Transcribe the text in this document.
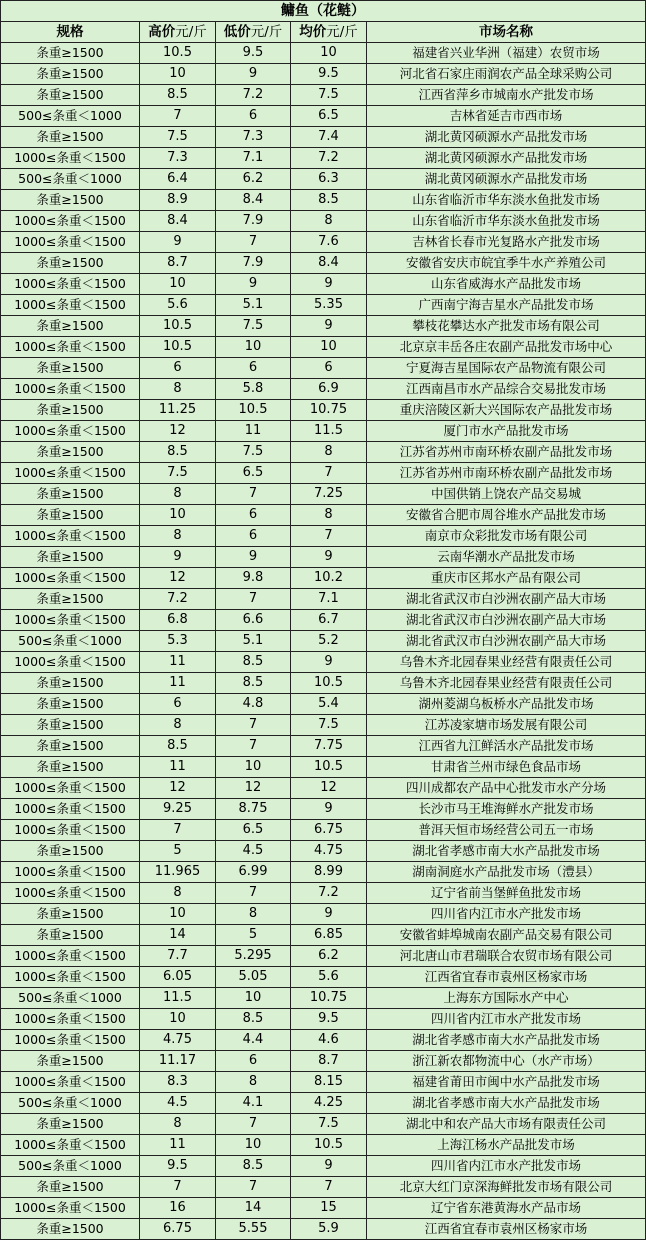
鳙鱼（花鲢）				
规格	高价元/斤	低价元/斤	均价元/斤	市场名称
条重≥1500	10.5	9.5	10	福建省兴业华洲（福建）农贸市场
条重≥1500	10	9	9.5	河北省石家庄雨润农产品全球采购公司
条重≥1500	8.5	7.2	7.5	江西省萍乡市城南水产批发市场
500≤条重＜1000	7	6	6.5	吉林省延吉市西市场
条重≥1500	7.5	7.3	7.4	湖北黄冈硕源水产品批发市场
1000≤条重＜1500	7.3	7.1	7.2	湖北黄冈硕源水产品批发市场
500≤条重＜1000	6.4	6.2	6.3	湖北黄冈硕源水产品批发市场
条重≥1500	8.9	8.4	8.5	山东省临沂市华东淡水鱼批发市场
1000≤条重＜1500	8.4	7.9	8	山东省临沂市华东淡水鱼批发市场
1000≤条重＜1500	9	7	7.6	吉林省长春市光复路水产批发市场
条重≥1500	8.7	7.9	8.4	安徽省安庆市皖宜季牛水产养殖公司
1000≤条重＜1500	10	9	9	山东省威海水产品批发市场
1000≤条重＜1500	5.6	5.1	5.35	广西南宁海吉星水产品批发市场
条重≥1500	10.5	7.5	9	攀枝花攀达水产批发市场有限公司
1000≤条重＜1500	10.5	10	10	北京京丰岳各庄农副产品批发市场中心
条重≥1500	6	6	6	宁夏海吉星国际农产品物流有限公司
1000≤条重＜1500	8	5.8	6.9	江西南昌市水产品综合交易批发市场
条重≥1500	11.25	10.5	10.75	重庆涪陵区新大兴国际农产品批发市场
1000≤条重＜1500	12	11	11.5	厦门市水产品批发市场
条重≥1500	8.5	7.5	8	江苏省苏州市南环桥农副产品批发市场
1000≤条重＜1500	7.5	6.5	7	江苏省苏州市南环桥农副产品批发市场
条重≥1500	8	7	7.25	中国供销上饶农产品交易城
条重≥1500	10	6	8	安徽省合肥市周谷堆水产品批发市场
1000≤条重＜1500	8	6	7	南京市众彩批发市场有限公司
条重≥1500	9	9	9	云南华潮水产品批发市场
1000≤条重＜1500	12	9.8	10.2	重庆市区邦水产品有限公司
条重≥1500	7.2	7	7.1	湖北省武汉市白沙洲农副产品大市场
1000≤条重＜1500	6.8	6.6	6.7	湖北省武汉市白沙洲农副产品大市场
500≤条重＜1000	5.3	5.1	5.2	湖北省武汉市白沙洲农副产品大市场
1000≤条重＜1500	11	8.5	9	乌鲁木齐北园春果业经营有限责任公司
条重≥1500	11	8.5	10.5	乌鲁木齐北园春果业经营有限责任公司
条重≥1500	6	4.8	5.4	湖州菱湖乌板桥水产品批发市场
条重≥1500	8	7	7.5	江苏凌家塘市场发展有限公司
条重≥1500	8.5	7	7.75	江西省九江鲜活水产品批发市场
条重≥1500	11	10	10.5	甘肃省兰州市绿色食品市场
1000≤条重＜1500	12	12	12	四川成都农产品中心批发市水产分场
1000≤条重＜1500	9.25	8.75	9	长沙市马王堆海鲜水产批发市场
1000≤条重＜1500	7	6.5	6.75	普洱天恒市场经营公司五一市场
条重≥1500	5	4.5	4.75	湖北省孝感市南大水产品批发市场
1000≤条重＜1500	11.965	6.99	8.99	湖南洞庭水产品批发市场（澧县）
1000≤条重＜1500	8	7	7.2	辽宁省前当堡鲜鱼批发市场
条重≥1500	10	8	9	四川省内江市水产批发市场
条重≥1500	14	5	6.85	安徽省蚌埠城南农副产品交易有限公司
1000≤条重＜1500	7.7	5.295	6.2	河北唐山市君瑞联合农贸市场有限公司
1000≤条重＜1500	6.05	5.05	5.6	江西省宜春市袁州区杨家市场
500≤条重＜1000	11.5	10	10.75	上海东方国际水产中心
1000≤条重＜1500	10	8.5	9.5	四川省内江市水产批发市场
1000≤条重＜1500	4.75	4.4	4.6	湖北省孝感市南大水产品批发市场
条重≥1500	11.17	6	8.7	浙江新农都物流中心（水产市场）
1000≤条重＜1500	8.3	8	8.15	福建省莆田市闽中水产品批发市场
500≤条重＜1000	4.5	4.1	4.25	湖北省孝感市南大水产品批发市场
条重≥1500	8	7	7.5	湖北中和农产品大市场有限责任公司
1000≤条重＜1500	11	10	10.5	上海江杨水产品批发市场
500≤条重＜1000	9.5	8.5	9	四川省内江市水产批发市场
条重≥1500	7	7	7	北京大红门京深海鲜批发市场有限公司
1000≤条重＜1500	16	14	15	辽宁省东港黄海水产品市场
条重≥1500	6.75	5.55	5.9	江西省宜春市袁州区杨家市场
